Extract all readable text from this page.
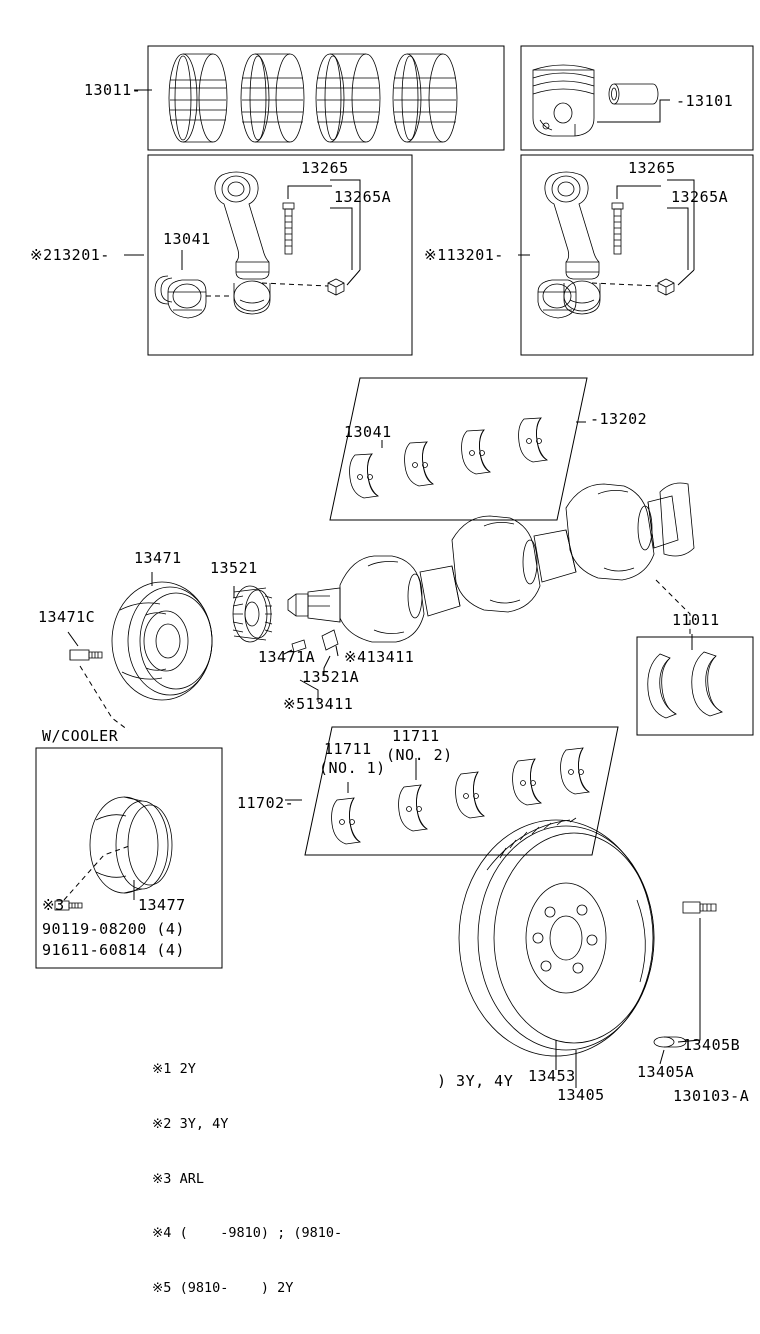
13011-
-13101
13265
13265A
※213201-
13041
13265
13265A
※113201-
13041
-13202
13471
13521
13471C
13471A ※413411
13521A
※513411
11011
11711
(NO. 2)
11711
(NO. 1)
11702-
W/COOLER
13477
※3
90119-08200 (4)
91611-60814 (4)
13405B
13405A
13453
) 3Y, 4Y
13405	130103-A

※1 2Y

※2 3Y, 4Y

※3 ARL

※4 (    -9810) ; (9810-

※5 (9810-    ) 2Y
